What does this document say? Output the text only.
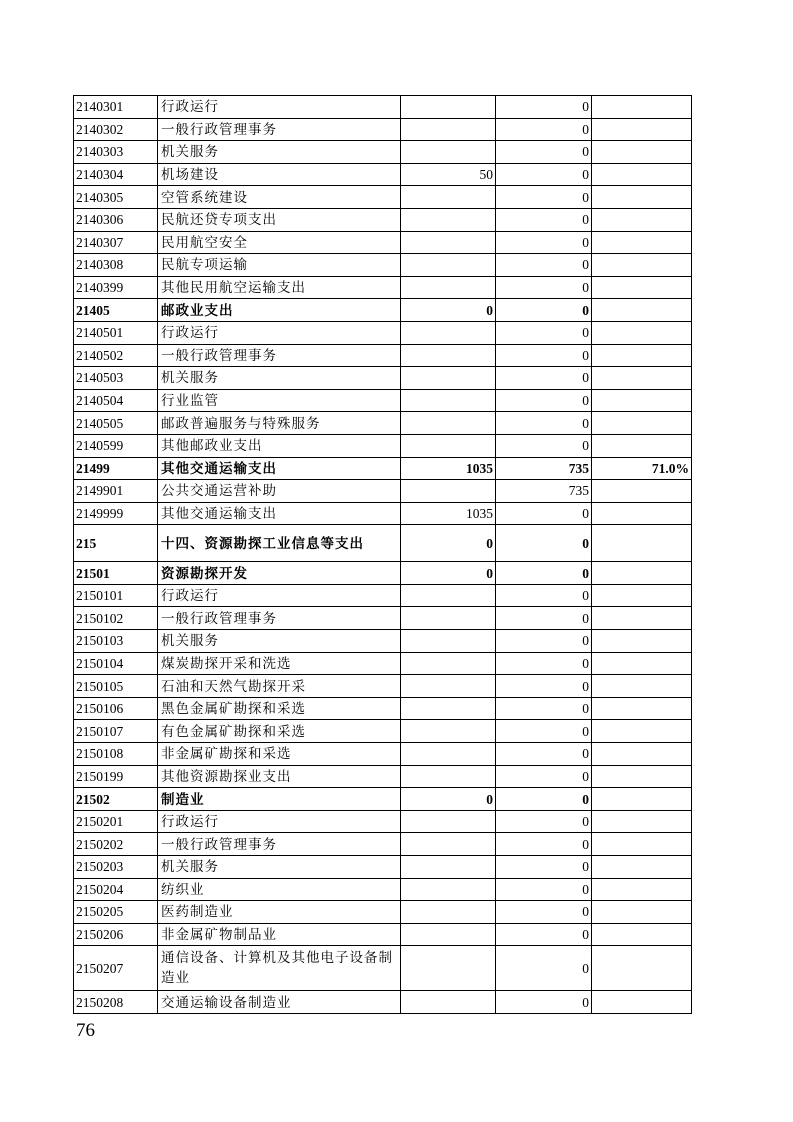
2140301	行政运行		0	
2140302	一般行政管理事务		0	
2140303	机关服务		0	
2140304	机场建设	50	0	
2140305	空管系统建设		0	
2140306	民航还贷专项支出		0	
2140307	民用航空安全		0	
2140308	民航专项运输		0	
2140399	其他民用航空运输支出		0	
21405	邮政业支出	0	0	
2140501	行政运行		0	
2140502	一般行政管理事务		0	
2140503	机关服务		0	
2140504	行业监管		0	
2140505	邮政普遍服务与特殊服务		0	
2140599	其他邮政业支出		0	
21499	其他交通运输支出	1035	735	71.0%
2149901	公共交通运营补助		735	
2149999	其他交通运输支出	1035	0	
215	十四、资源勘探工业信息等支出	0	0	
21501	资源勘探开发	0	0	
2150101	行政运行		0	
2150102	一般行政管理事务		0	
2150103	机关服务		0	
2150104	煤炭勘探开采和洗选		0	
2150105	石油和天然气勘探开采		0	
2150106	黑色金属矿勘探和采选		0	
2150107	有色金属矿勘探和采选		0	
2150108	非金属矿勘探和采选		0	
2150199	其他资源勘探业支出		0	
21502	制造业	0	0	
2150201	行政运行		0	
2150202	一般行政管理事务		0	
2150203	机关服务		0	
2150204	纺织业		0	
2150205	医药制造业		0	
2150206	非金属矿物制品业		0	
2150207	通信设备、计算机及其他电子设备制造业		0	
2150208	交通运输设备制造业		0	
76
